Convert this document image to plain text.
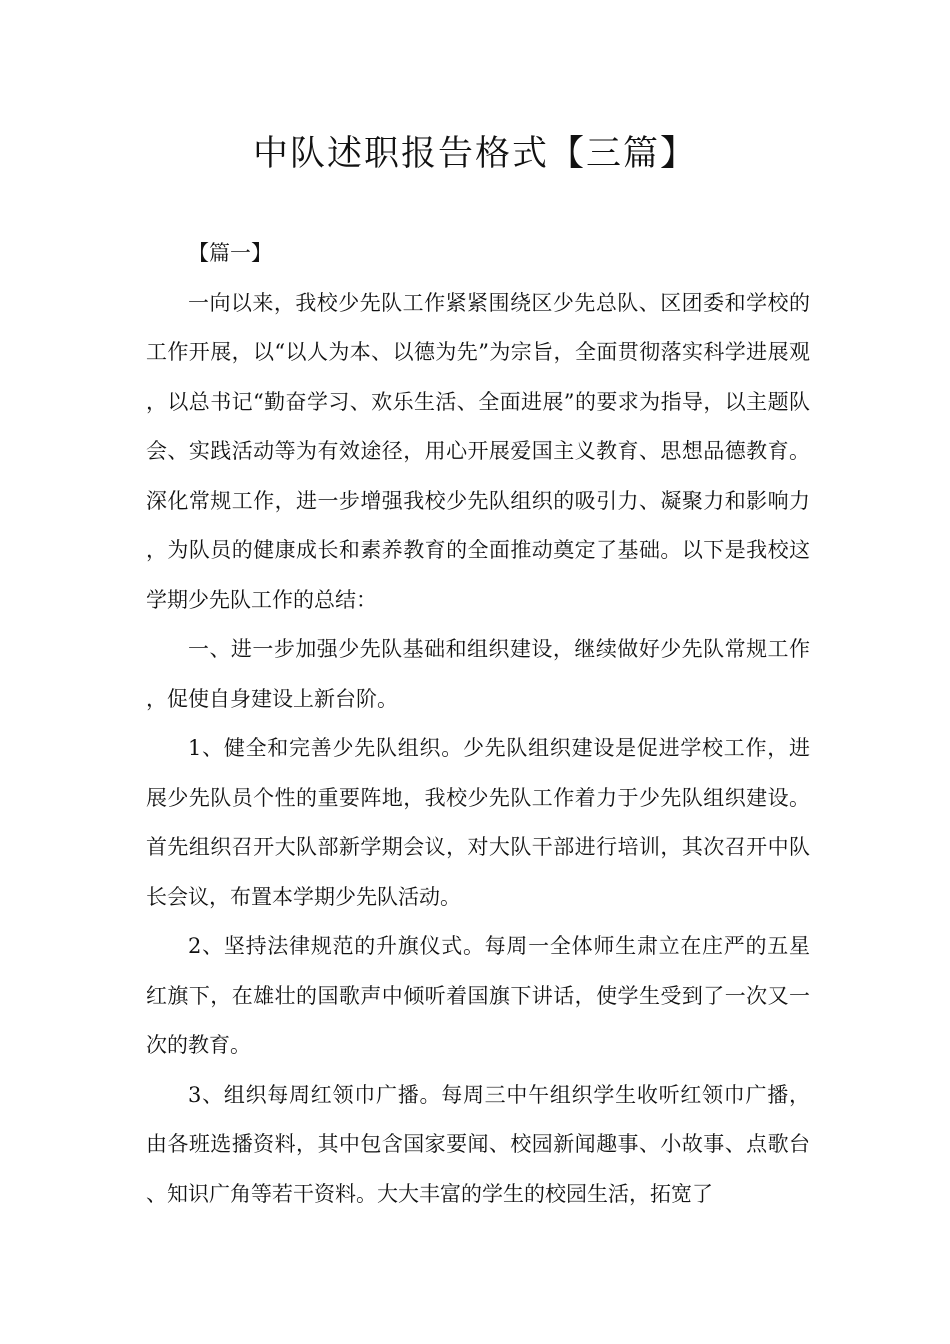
中队述职报告格式【三篇】

【篇一】

一向以来，我校少先队工作紧紧围绕区少先总队、区团委和学校的工作开展，以“以人为本、以德为先”为宗旨，全面贯彻落实科学进展观，以总书记“勤奋学习、欢乐生活、全面进展”的要求为指导，以主题队会、实践活动等为有效途径，用心开展爱国主义教育、思想品德教育。深化常规工作，进一步增强我校少先队组织的吸引力、凝聚力和影响力，为队员的健康成长和素养教育的全面推动奠定了基础。以下是我校这学期少先队工作的总结：

一、进一步加强少先队基础和组织建设，继续做好少先队常规工作，促使自身建设上新台阶。

1、健全和完善少先队组织。少先队组织建设是促进学校工作，进展少先队员个性的重要阵地，我校少先队工作着力于少先队组织建设。首先组织召开大队部新学期会议，对大队干部进行培训，其次召开中队长会议，布置本学期少先队活动。

2、坚持法律规范的升旗仪式。每周一全体师生肃立在庄严的五星红旗下，在雄壮的国歌声中倾听着国旗下讲话，使学生受到了一次又一次的教育。

3、组织每周红领巾广播。每周三中午组织学生收听红领巾广播，由各班选播资料，其中包含国家要闻、校园新闻趣事、小故事、点歌台、知识广角等若干资料。大大丰富的学生的校园生活，拓宽了
